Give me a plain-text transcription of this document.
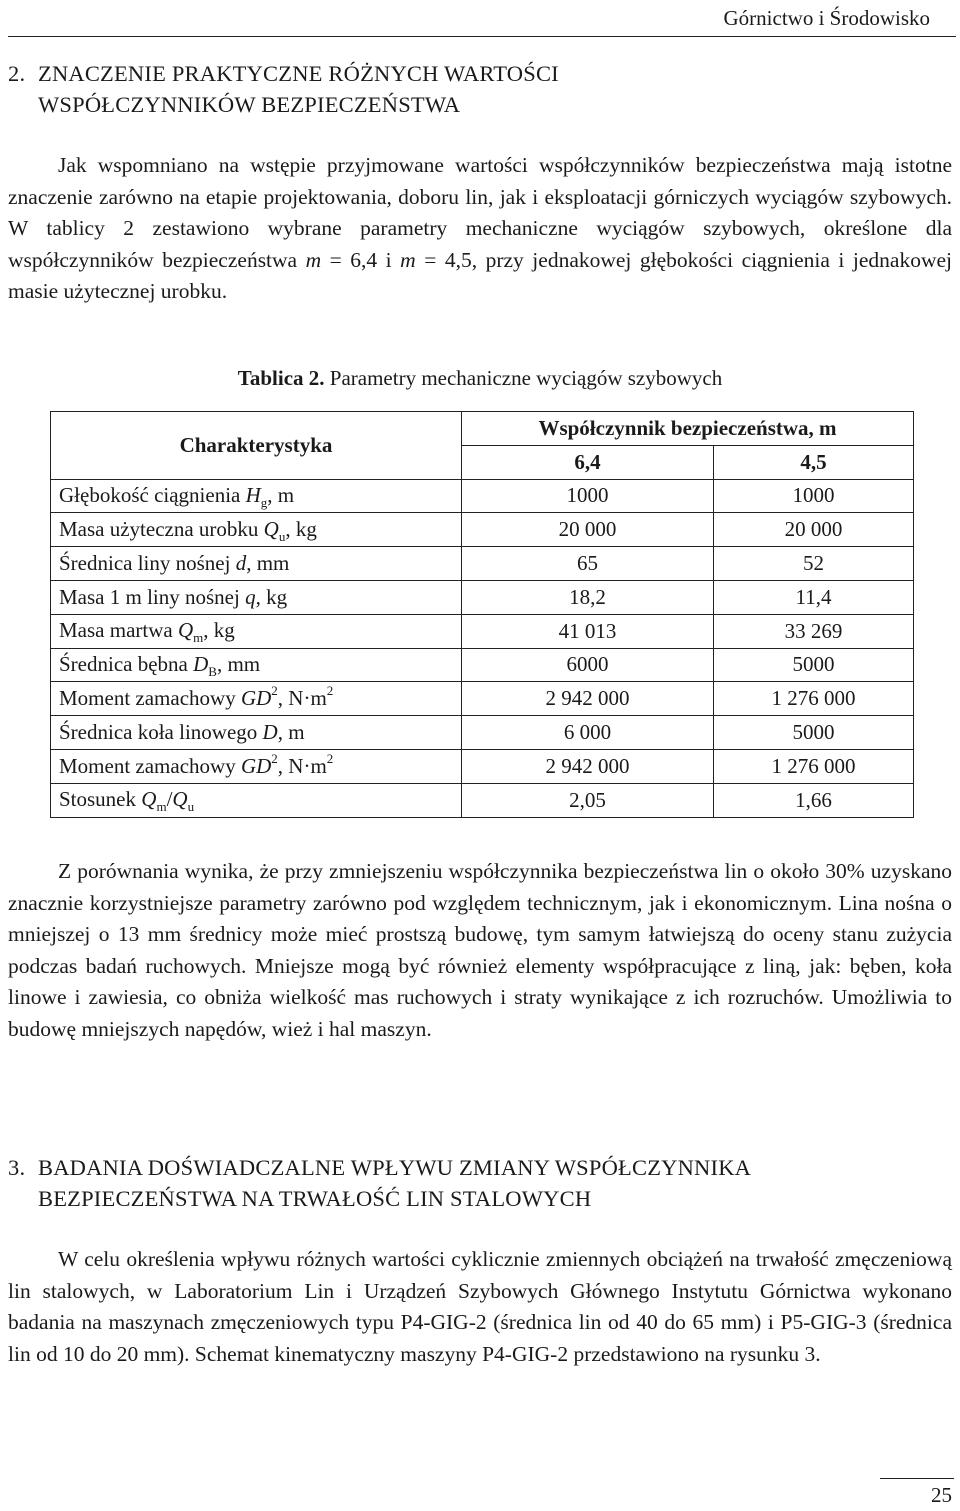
Górnictwo i Środowisko
2. ZNACZENIE PRAKTYCZNE RÓŻNYCH WARTOŚCI
WSPÓŁCZYNNIKÓW BEZPIECZEŃSTWA

Jak wspomniano na wstępie przyjmowane wartości współczynników bezpieczeństwa mają istotne znaczenie zarówno na etapie projektowania, doboru lin, jak i eksploatacji górniczych wyciągów szybowych. W tablicy 2 zestawiono wybrane parametry mechaniczne wyciągów szybowych, określone dla współczynników bezpieczeństwa m = 6,4 i m = 4,5, przy jednakowej głębokości ciągnienia i jednakowej masie użytecznej urobku.

Tablica 2. Parametry mechaniczne wyciągów szybowych
Charakterystyka	Współczynnik bezpieczeństwa, m	
	6,4	4,5
Głębokość ciągnienia $H_g$, m	1000	1000
Masa użyteczna urobku $Q_u$, kg	20 000	20 000
Średnica liny nośnej d, mm	65	52
Masa 1 m liny nośnej q, kg	18,2	11,4
Masa martwa $Q_m$, kg	41 013	33 269
Średnica bębna $D_B$, mm	6000	5000
Moment zamachowy $GD^2$, $N\cdot m^2$	2 942 000	1 276 000
Średnica koła linowego D, m	6 000	5000
Moment zamachowy $GD^2$, $N\cdot m^2$	2 942 000	1 276 000
Stosunek $Q_m/Q_u$	2,05	1,66

Z porównania wynika, że przy zmniejszeniu współczynnika bezpieczeństwa lin o około 30% uzyskano znacznie korzystniejsze parametry zarówno pod względem technicznym, jak i ekonomicznym. Lina nośna o mniejszej o 13 mm średnicy może mieć prostszą budowę, tym samym łatwiejszą do oceny stanu zużycia podczas badań ruchowych. Mniejsze mogą być również elementy współpracujące z liną, jak: bęben, koła linowe i zawiesia, co obniża wielkość mas ruchowych i straty wynikające z ich rozruchów. Umożliwia to budowę mniejszych napędów, wież i hal maszyn.

3. BADANIA DOŚWIADCZALNE WPŁYWU ZMIANY WSPÓŁCZYNNIKA
BEZPIECZEŃSTWA NA TRWAŁOŚĆ LIN STALOWYCH

W celu określenia wpływu różnych wartości cyklicznie zmiennych obciążeń na trwałość zmęczeniową lin stalowych, w Laboratorium Lin i Urządzeń Szybowych Głównego Instytutu Górnictwa wykonano badania na maszynach zmęczeniowych typu P4-GIG-2 (średnica lin od 40 do 65 mm) i P5-GIG-3 (średnica lin od 10 do 20 mm). Schemat kinematyczny maszyny P4-GIG-2 przedstawiono na rysunku 3.

25
